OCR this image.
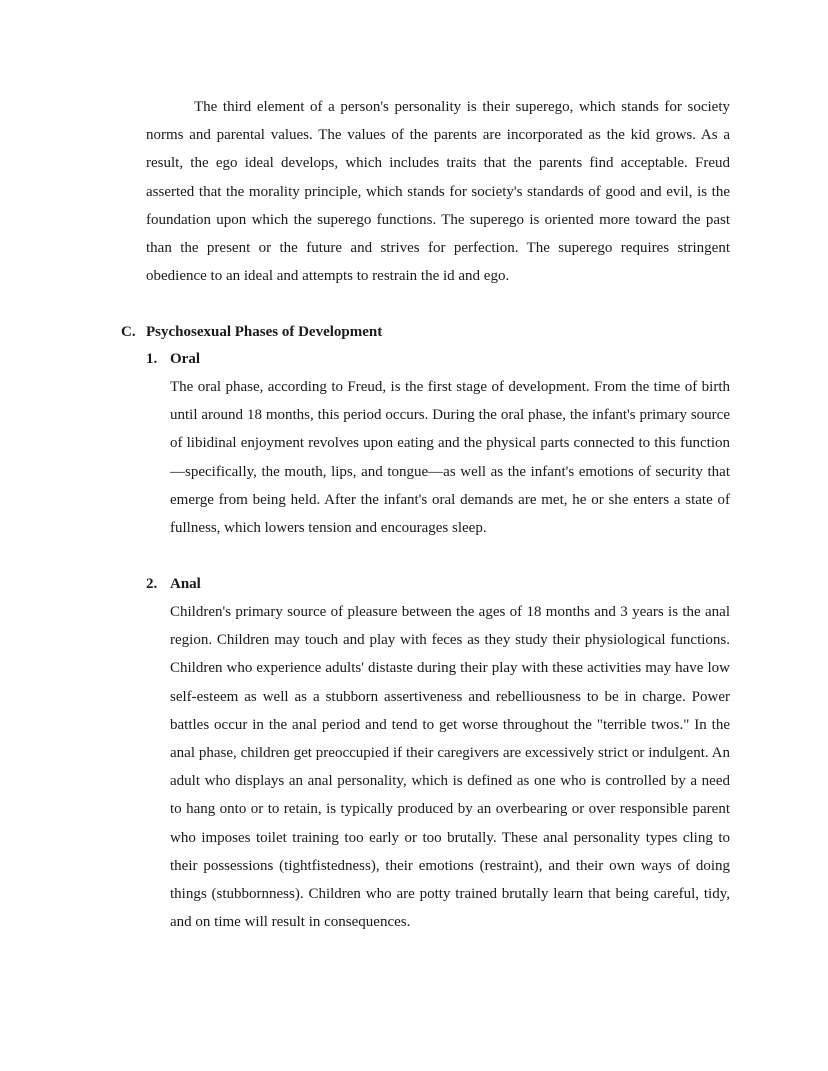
The third element of a person's personality is their superego, which stands for society norms and parental values. The values of the parents are incorporated as the kid grows. As a result, the ego ideal develops, which includes traits that the parents find acceptable. Freud asserted that the morality principle, which stands for society's standards of good and evil, is the foundation upon which the superego functions. The superego is oriented more toward the past than the present or the future and strives for perfection. The superego requires stringent obedience to an ideal and attempts to restrain the id and ego.

C. Psychosexual Phases of Development
1. Oral

The oral phase, according to Freud, is the first stage of development. From the time of birth until around 18 months, this period occurs. During the oral phase, the infant's primary source of libidinal enjoyment revolves upon eating and the physical parts connected to this function—specifically, the mouth, lips, and tongue—as well as the infant's emotions of security that emerge from being held. After the infant's oral demands are met, he or she enters a state of fullness, which lowers tension and encourages sleep.

2. Anal

Children's primary source of pleasure between the ages of 18 months and 3 years is the anal region. Children may touch and play with feces as they study their physiological functions. Children who experience adults' distaste during their play with these activities may have low self-esteem as well as a stubborn assertiveness and rebelliousness to be in charge. Power battles occur in the anal period and tend to get worse throughout the "terrible twos." In the anal phase, children get preoccupied if their caregivers are excessively strict or indulgent. An adult who displays an anal personality, which is defined as one who is controlled by a need to hang onto or to retain, is typically produced by an overbearing or over responsible parent who imposes toilet training too early or too brutally. These anal personality types cling to their possessions (tightfistedness), their emotions (restraint), and their own ways of doing things (stubbornness). Children who are potty trained brutally learn that being careful, tidy, and on time will result in consequences.
